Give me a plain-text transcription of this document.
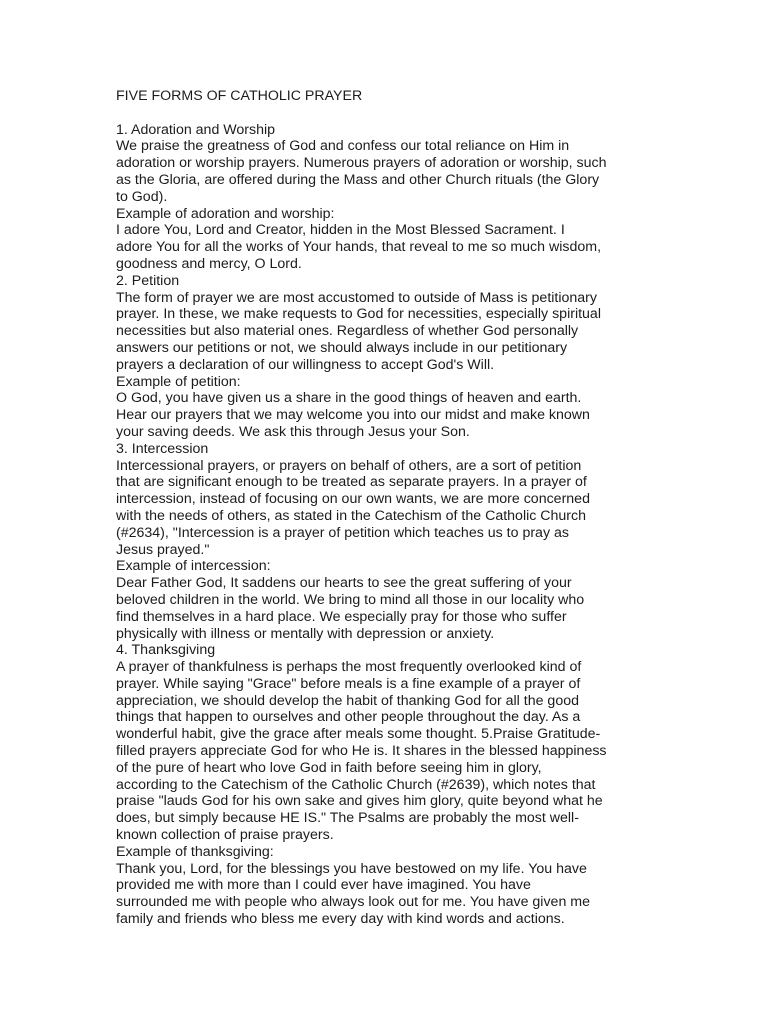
FIVE FORMS OF CATHOLIC PRAYER

1. Adoration and Worship

We praise the greatness of God and confess our total reliance on Him in

adoration or worship prayers. Numerous prayers of adoration or worship, such

as the Gloria, are offered during the Mass and other Church rituals (the Glory

to God).

Example of adoration and worship:

I adore You, Lord and Creator, hidden in the Most Blessed Sacrament. I

adore You for all the works of Your hands, that reveal to me so much wisdom,

goodness and mercy, O Lord.

2. Petition

The form of prayer we are most accustomed to outside of Mass is petitionary

prayer. In these, we make requests to God for necessities, especially spiritual

necessities but also material ones. Regardless of whether God personally

answers our petitions or not, we should always include in our petitionary

prayers a declaration of our willingness to accept God's Will.

Example of petition:

O God, you have given us a share in the good things of heaven and earth.

Hear our prayers that we may welcome you into our midst and make known

your saving deeds. We ask this through Jesus your Son.

3. Intercession

Intercessional prayers, or prayers on behalf of others, are a sort of petition

that are significant enough to be treated as separate prayers. In a prayer of

intercession, instead of focusing on our own wants, we are more concerned

with the needs of others, as stated in the Catechism of the Catholic Church

(#2634), "Intercession is a prayer of petition which teaches us to pray as

Jesus prayed."

Example of intercession:

Dear Father God, It saddens our hearts to see the great suffering of your

beloved children in the world. We bring to mind all those in our locality who

find themselves in a hard place. We especially pray for those who suffer

physically with illness or mentally with depression or anxiety.

4. Thanksgiving

A prayer of thankfulness is perhaps the most frequently overlooked kind of

prayer. While saying "Grace" before meals is a fine example of a prayer of

appreciation, we should develop the habit of thanking God for all the good

things that happen to ourselves and other people throughout the day. As a

wonderful habit, give the grace after meals some thought. 5.Praise Gratitude-

filled prayers appreciate God for who He is. It shares in the blessed happiness

of the pure of heart who love God in faith before seeing him in glory,

according to the Catechism of the Catholic Church (#2639), which notes that

praise "lauds God for his own sake and gives him glory, quite beyond what he

does, but simply because HE IS." The Psalms are probably the most well-

known collection of praise prayers.

Example of thanksgiving:

Thank you, Lord, for the blessings you have bestowed on my life. You have

provided me with more than I could ever have imagined. You have

surrounded me with people who always look out for me. You have given me

family and friends who bless me every day with kind words and actions.
